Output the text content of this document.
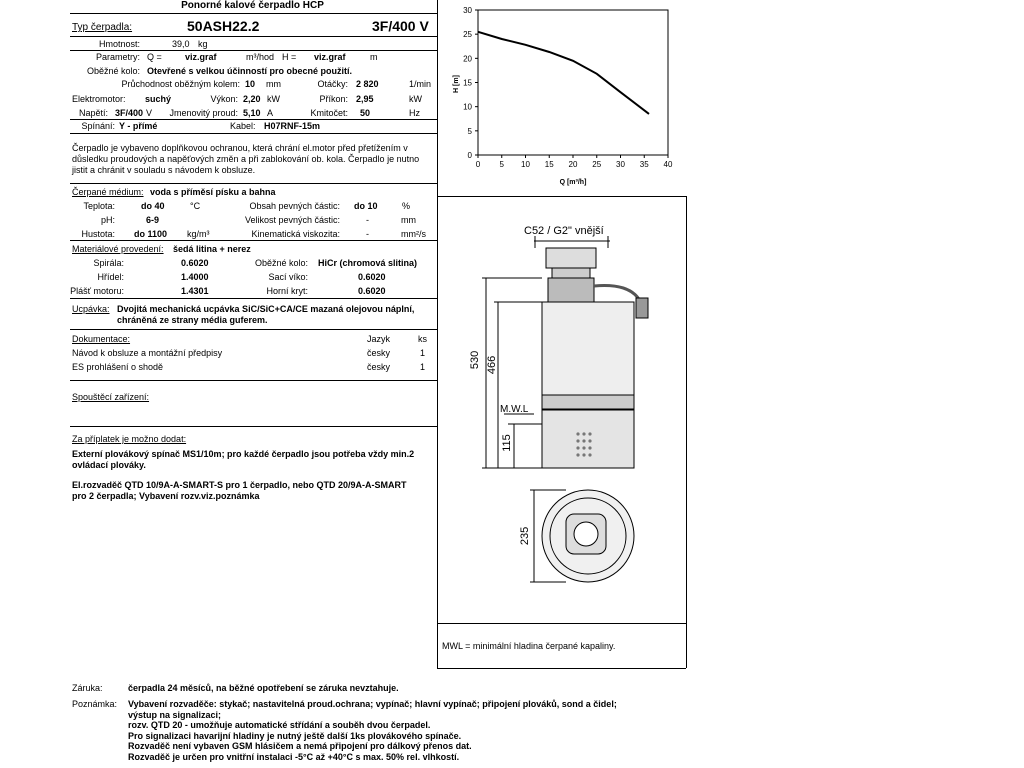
Ponorné kalové čerpadlo HCP
Typ čerpadla:	50ASH22.2	3F/400 V
Hmotnost:	39,0 kg
Parametry: Q =	viz.graf	m³/hod H = viz.graf	m
Oběžné kolo: Otevřené s velkou účinností pro obecné použití.
Průchodnost oběžným kolem: 10 mm	Otáčky: 2 820	1/min
Elektromotor: suchý	Výkon: 2,20 kW	Příkon: 2,95	kW
Napětí: 3F/400 V	Jmenovitý proud: 5,10 A	Kmitočet: 50	Hz
Spínání: Y - přímé	Kabel: H07RNF-15m
Čerpadlo je vybaveno doplňkovou ochranou, která chrání el.motor před přetížením v důsledku proudových a napěťových změn a při zablokování ob. kola. Čerpadlo je nutno jistit a chránit v souladu s návodem k obsluze.
Čerpané médium: voda s příměsí písku a bahna
Teplota:	do 40	°C	Obsah pevných částic: do 10	%
pH:	6-9	Velikost pevných částic:	-	mm
Hustota: do 1100 kg/m³	Kinematická viskozita:	-	mm²/s
Materiálové provedení: šedá litina + nerez
Spirála:	0.6020	Oběžné kolo: HiCr (chromová slitina)
Hřídel:	1.4000	Sací víko:	0.6020
Plášť motoru:	1.4301	Horní kryt:	0.6020
Ucpávka: Dvojitá mechanická ucpávka SiC/SiC+CA/CE mazaná olejovou náplní, chráněná ze strany média guferem.
Dokumentace:	Jazyk	ks
Návod k obsluze a montážní předpisy	česky	1
ES prohlášení o shodě	česky	1
Spouštěcí zařízení:
Za příplatek je možno dodat:
Externí plovákový spínač MS1/10m; pro každé čerpadlo jsou potřeba vždy min.2 ovládací plováky.
El.rozvaděč QTD 10/9A-A-SMART-S pro 1 čerpadlo, nebo QTD 20/9A-A-SMART pro 2 čerpadla; Vybavení rozv.viz.poznámka
0
5
10
15
20
25
30
0 5 10 15 20 25 30 35 40
H [m]
Q [m³/h]
C52 / G2" vnější
530 466
115
235
M.W.L
MWL = minimální hladina čerpané kapaliny.
Záruka:	čerpadla 24 měsíců, na běžné opotřebení se záruka nevztahuje.
Poznámka: Vybavení rozvaděče: stykač; nastavitelná proud.ochrana; vypínač; hlavní vypínač; připojení plováků, sond a čidel;
výstup na signalizaci;
rozv. QTD 20 - umožňuje automatické střídání a souběh dvou čerpadel.
Pro signalizaci havarijní hladiny je nutný ještě další 1ks plovákového spínače.
Rozvaděč není vybaven GSM hlásičem a nemá připojení pro dálkový přenos dat.
Rozvaděč je určen pro vnitřní instalaci -5°C až +40°C s max. 50% rel. vlhkostí.
